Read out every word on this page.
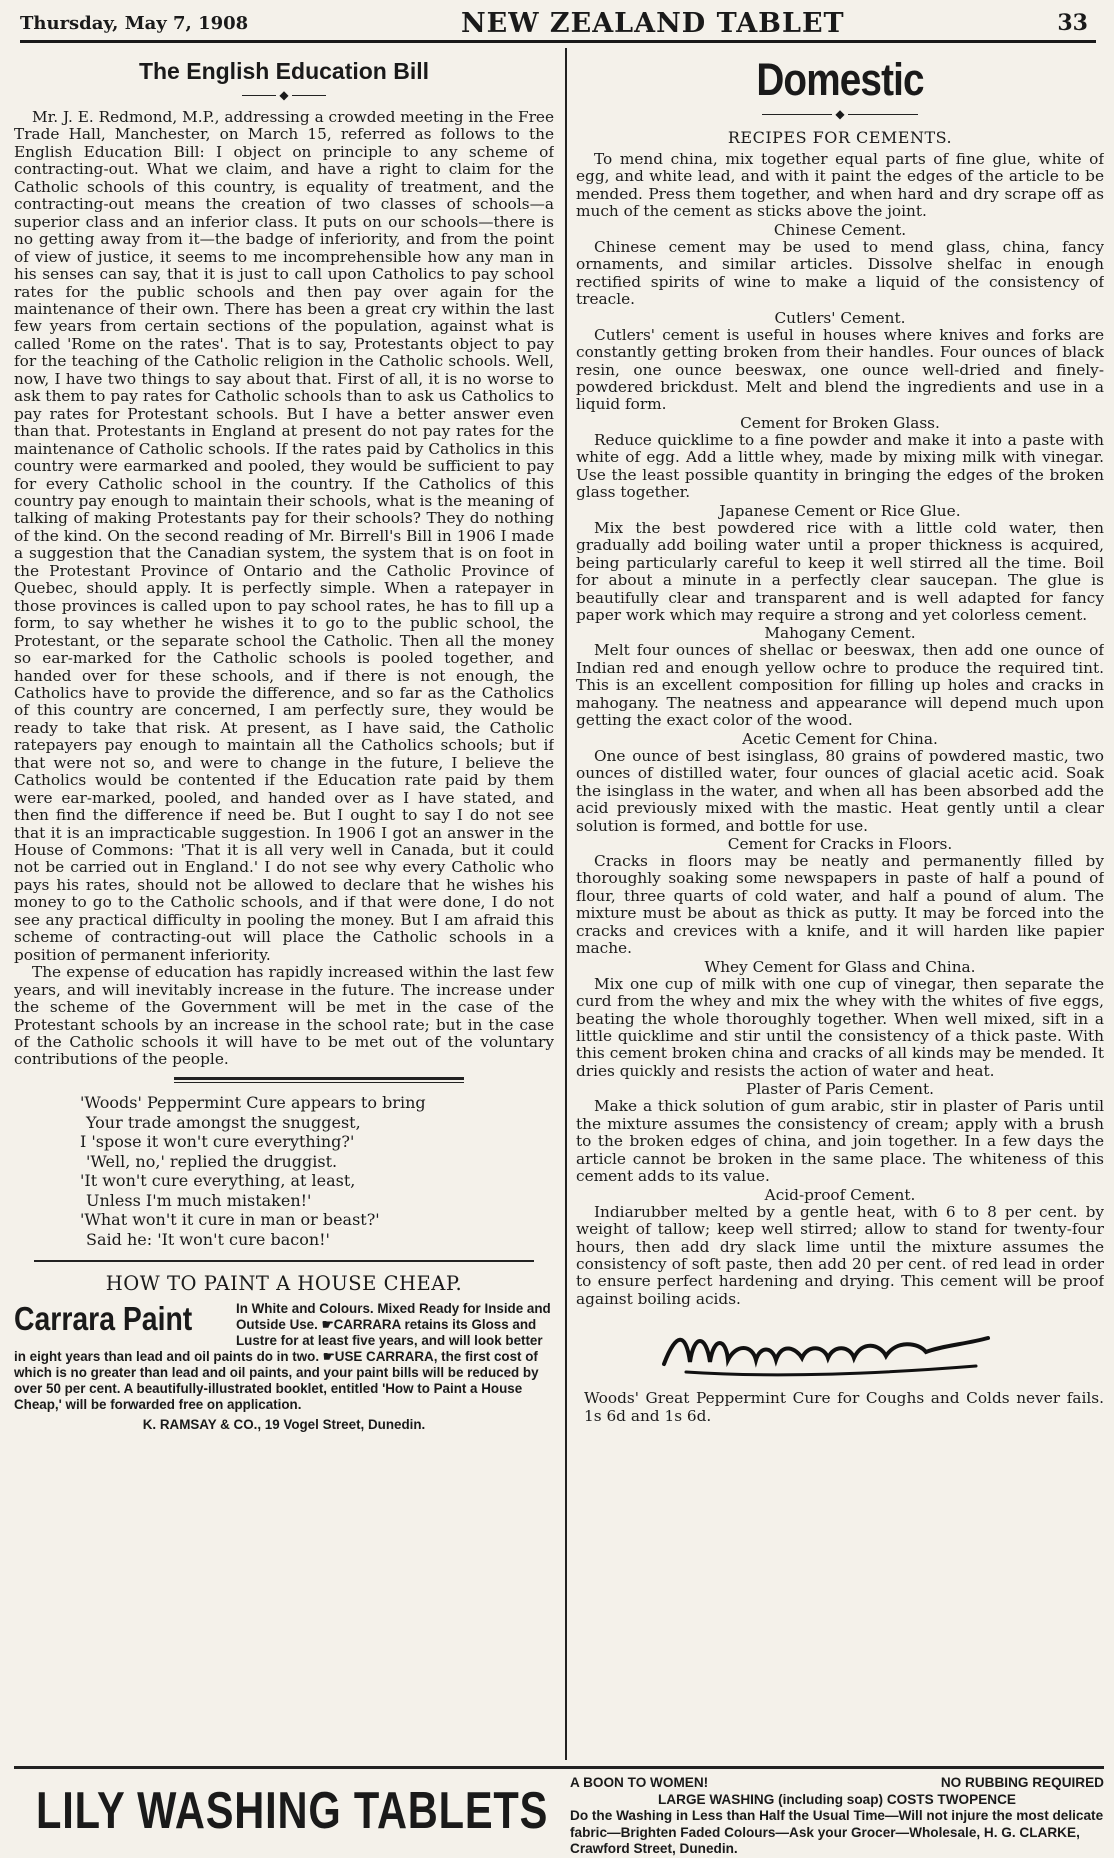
Thursday, May 7, 1908	NEW ZEALAND TABLET	33
The English Education Bill
◆

Mr. J. E. Redmond, M.P., addressing a crowded meeting in the Free Trade Hall, Manchester, on March 15, referred as follows to the English Education Bill: I object on principle to any scheme of contracting-out. What we claim, and have a right to claim for the Catholic schools of this country, is equality of treatment, and the contracting-out means the creation of two classes of schools—a superior class and an inferior class. It puts on our schools—there is no getting away from it—the badge of inferiority, and from the point of view of justice, it seems to me incomprehensible how any man in his senses can say, that it is just to call upon Catholics to pay school rates for the public schools and then pay over again for the maintenance of their own. There has been a great cry within the last few years from certain sections of the population, against what is called 'Rome on the rates'. That is to say, Protestants object to pay for the teaching of the Catholic religion in the Catholic schools. Well, now, I have two things to say about that. First of all, it is no worse to ask them to pay rates for Catholic schools than to ask us Catholics to pay rates for Protestant schools. But I have a better answer even than that. Protestants in England at present do not pay rates for the maintenance of Catholic schools. If the rates paid by Catholics in this country were earmarked and pooled, they would be sufficient to pay for every Catholic school in the country. If the Catholics of this country pay enough to maintain their schools, what is the meaning of talking of making Protestants pay for their schools? They do nothing of the kind. On the second reading of Mr. Birrell's Bill in 1906 I made a suggestion that the Canadian system, the system that is on foot in the Protestant Province of Ontario and the Catholic Province of Quebec, should apply. It is perfectly simple. When a ratepayer in those provinces is called upon to pay school rates, he has to fill up a form, to say whether he wishes it to go to the public school, the Protestant, or the separate school the Catholic. Then all the money so ear-marked for the Catholic schools is pooled together, and handed over for these schools, and if there is not enough, the Catholics have to provide the difference, and so far as the Catholics of this country are concerned, I am perfectly sure, they would be ready to take that risk. At present, as I have said, the Catholic ratepayers pay enough to maintain all the Catholics schools; but if that were not so, and were to change in the future, I believe the Catholics would be contented if the Education rate paid by them were ear-marked, pooled, and handed over as I have stated, and then find the difference if need be. But I ought to say I do not see that it is an impracticable suggestion. In 1906 I got an answer in the House of Commons: 'That it is all very well in Canada, but it could not be carried out in England.' I do not see why every Catholic who pays his rates, should not be allowed to declare that he wishes his money to go to the Catholic schools, and if that were done, I do not see any practical difficulty in pooling the money. But I am afraid this scheme of contracting-out will place the Catholic schools in a position of permanent inferiority.

The expense of education has rapidly increased within the last few years, and will inevitably increase in the future. The increase under the scheme of the Government will be met in the case of the Protestant schools by an increase in the school rate; but in the case of the Catholic schools it will have to be met out of the voluntary contributions of the people.

'Woods' Peppermint Cure appears to bring
Your trade amongst the snuggest,
I 'spose it won't cure everything?'
'Well, no,' replied the druggist.
'It won't cure everything, at least,
Unless I'm much mistaken!'
'What won't it cure in man or beast?'
Said he: 'It won't cure bacon!'
HOW TO PAINT A HOUSE CHEAP.
Carrara Paint	In White and Colours. Mixed Ready for Inside and Outside Use. ☛CARRARA retains its Gloss and Lustre for at least five years, and will look better in eight years than lead and oil paints do in two. ☛USE CARRARA, the first cost of which is no greater than lead and oil paints, and your paint bills will be reduced by over 50 per cent. A beautifully-illustrated booklet, entitled 'How to Paint a House Cheap,' will be forwarded free on application.
K. RAMSAY & CO., 19 Vogel Street, Dunedin.
Domestic
◆
RECIPES FOR CEMENTS.

To mend china, mix together equal parts of fine glue, white of egg, and white lead, and with it paint the edges of the article to be mended. Press them together, and when hard and dry scrape off as much of the cement as sticks above the joint.

Chinese Cement.

Chinese cement may be used to mend glass, china, fancy ornaments, and similar articles. Dissolve shelfac in enough rectified spirits of wine to make a liquid of the consistency of treacle.

Cutlers' Cement.

Cutlers' cement is useful in houses where knives and forks are constantly getting broken from their handles. Four ounces of black resin, one ounce beeswax, one ounce well-dried and finely-powdered brickdust. Melt and blend the ingredients and use in a liquid form.

Cement for Broken Glass.

Reduce quicklime to a fine powder and make it into a paste with white of egg. Add a little whey, made by mixing milk with vinegar. Use the least possible quantity in bringing the edges of the broken glass together.

Japanese Cement or Rice Glue.

Mix the best powdered rice with a little cold water, then gradually add boiling water until a proper thickness is acquired, being particularly careful to keep it well stirred all the time. Boil for about a minute in a perfectly clear saucepan. The glue is beautifully clear and transparent and is well adapted for fancy paper work which may require a strong and yet colorless cement.

Mahogany Cement.

Melt four ounces of shellac or beeswax, then add one ounce of Indian red and enough yellow ochre to produce the required tint. This is an excellent composition for filling up holes and cracks in mahogany. The neatness and appearance will depend much upon getting the exact color of the wood.

Acetic Cement for China.

One ounce of best isinglass, 80 grains of powdered mastic, two ounces of distilled water, four ounces of glacial acetic acid. Soak the isinglass in the water, and when all has been absorbed add the acid previously mixed with the mastic. Heat gently until a clear solution is formed, and bottle for use.

Cement for Cracks in Floors.

Cracks in floors may be neatly and permanently filled by thoroughly soaking some newspapers in paste of half a pound of flour, three quarts of cold water, and half a pound of alum. The mixture must be about as thick as putty. It may be forced into the cracks and crevices with a knife, and it will harden like papier mache.

Whey Cement for Glass and China.

Mix one cup of milk with one cup of vinegar, then separate the curd from the whey and mix the whey with the whites of five eggs, beating the whole thoroughly together. When well mixed, sift in a little quicklime and stir until the consistency of a thick paste. With this cement broken china and cracks of all kinds may be mended. It dries quickly and resists the action of water and heat.

Plaster of Paris Cement.

Make a thick solution of gum arabic, stir in plaster of Paris until the mixture assumes the consistency of cream; apply with a brush to the broken edges of china, and join together. In a few days the article cannot be broken in the same place. The whiteness of this cement adds to its value.

Acid-proof Cement.

Indiarubber melted by a gentle heat, with 6 to 8 per cent. by weight of tallow; keep well stirred; allow to stand for twenty-four hours, then add dry slack lime until the mixture assumes the consistency of soft paste, then add 20 per cent. of red lead in order to ensure perfect hardening and drying. This cement will be proof against boiling acids.

Woods' Great Peppermint Cure for Coughs and Colds never fails. 1s 6d and 1s 6d.
LILY WASHING TABLETS A BOON TO WOMEN!	NO RUBBING REQUIRED
LARGE WASHING (including soap) COSTS TWOPENCE
Do the Washing in Less than Half the Usual Time—Will not injure the most delicate fabric—Brighten Faded Colours—Ask your Grocer—Wholesale, H. G. CLARKE, Crawford Street, Dunedin.
